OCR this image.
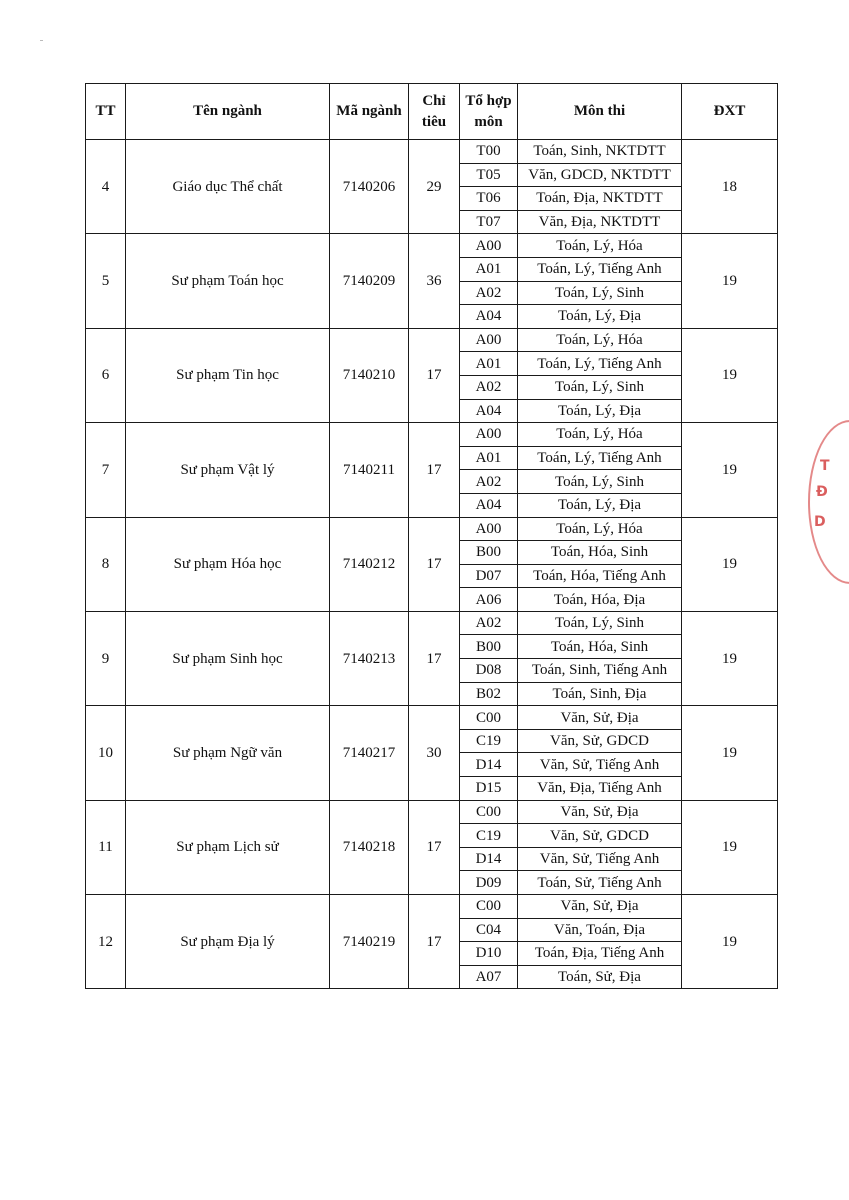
TT	Tên ngành	Mã ngành	Chỉ tiêu	Tổ hợp môn	Môn thi	ĐXT
4	Giáo dục Thể chất	7140206	29	T00	Toán, Sinh, NKTDTT	18
				T05	Văn, GDCD, NKTDTT	
				T06	Toán, Địa, NKTDTT	
				T07	Văn, Địa, NKTDTT	
5	Sư phạm Toán học	7140209	36	A00	Toán, Lý, Hóa	19
				A01	Toán, Lý, Tiếng Anh	
				A02	Toán, Lý, Sinh	
				A04	Toán, Lý, Địa	
6	Sư phạm Tin học	7140210	17	A00	Toán, Lý, Hóa	19
				A01	Toán, Lý, Tiếng Anh	
				A02	Toán, Lý, Sinh	
				A04	Toán, Lý, Địa	
7	Sư phạm Vật lý	7140211	17	A00	Toán, Lý, Hóa	19
				A01	Toán, Lý, Tiếng Anh	
				A02	Toán, Lý, Sinh	
				A04	Toán, Lý, Địa	
8	Sư phạm Hóa học	7140212	17	A00	Toán, Lý, Hóa	19
				B00	Toán, Hóa, Sinh	
				D07	Toán, Hóa, Tiếng Anh	
				A06	Toán, Hóa, Địa	
9	Sư phạm Sinh học	7140213	17	A02	Toán, Lý, Sinh	19
				B00	Toán, Hóa, Sinh	
				D08	Toán, Sinh, Tiếng Anh	
				B02	Toán, Sinh, Địa	
10	Sư phạm Ngữ văn	7140217	30	C00	Văn, Sử, Địa	19
				C19	Văn, Sử, GDCD	
				D14	Văn, Sử, Tiếng Anh	
				D15	Văn, Địa, Tiếng Anh	
11	Sư phạm Lịch sử	7140218	17	C00	Văn, Sử, Địa	19
				C19	Văn, Sử, GDCD	
				D14	Văn, Sử, Tiếng Anh	
				D09	Toán, Sử, Tiếng Anh	
12	Sư phạm Địa lý	7140219	17	C00	Văn, Sử, Địa	19
				C04	Văn, Toán, Địa	
				D10	Toán, Địa, Tiếng Anh	
				A07	Toán, Sử, Địa	
T
Đ
D
